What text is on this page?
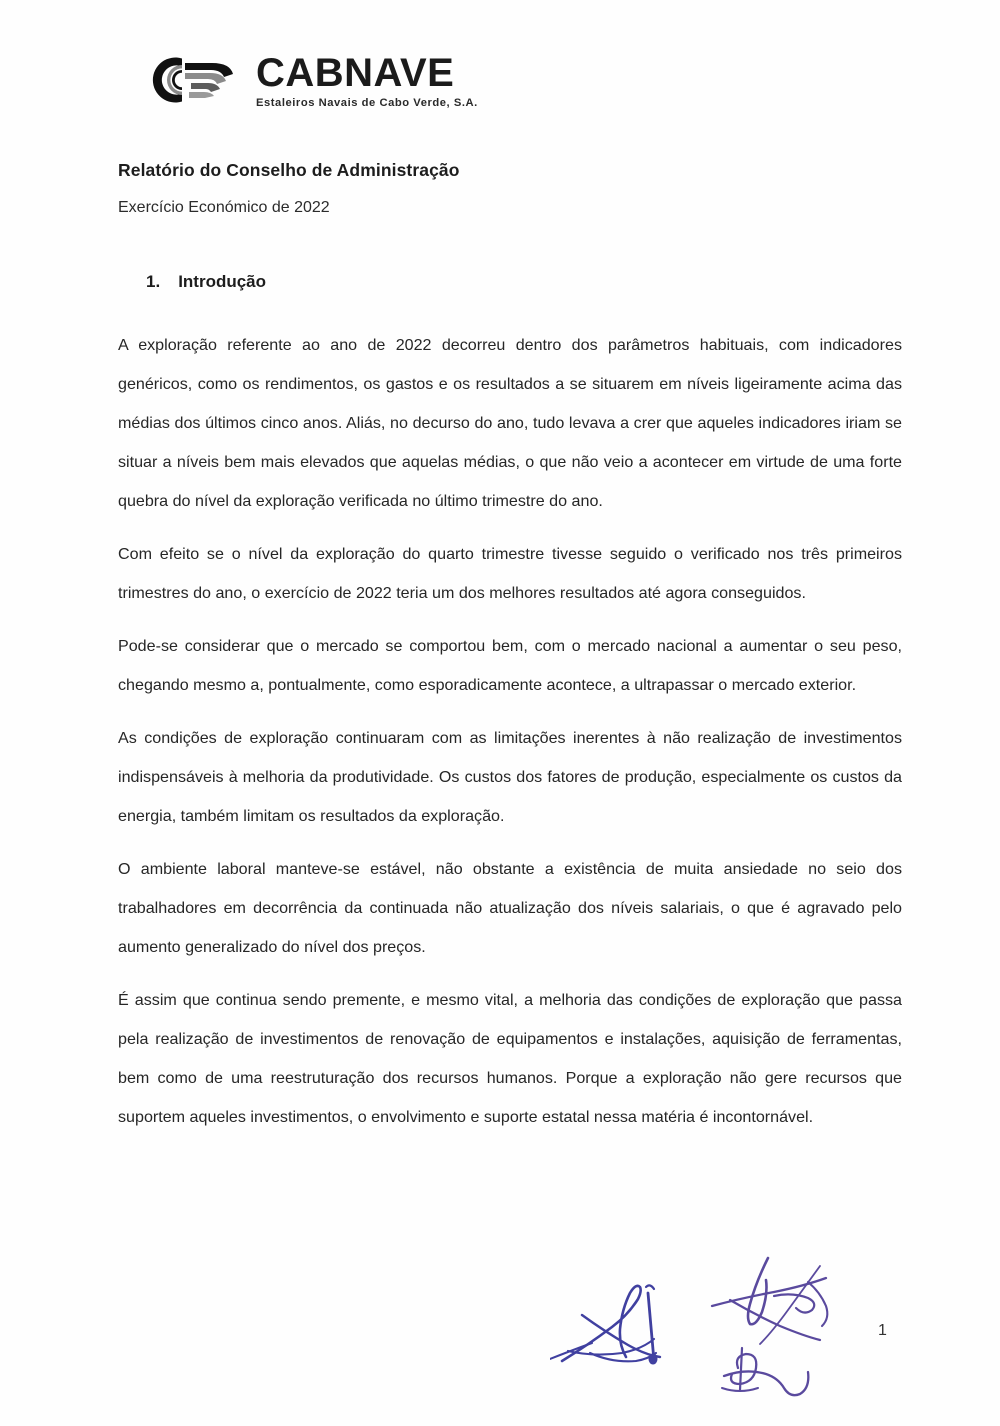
CABNAVE
Estaleiros Navais de Cabo Verde, S.A.
Relatório do Conselho de Administração
Exercício Económico de 2022
1. Introdução

A exploração referente ao ano de 2022 decorreu dentro dos parâmetros habituais, com indicadores genéricos, como os rendimentos, os gastos e os resultados a se situarem em níveis ligeiramente acima das médias dos últimos cinco anos. Aliás, no decurso do ano, tudo levava a crer que aqueles indicadores iriam se situar a níveis bem mais elevados que aquelas médias, o que não veio a acontecer em virtude de uma forte quebra do nível da exploração verificada no último trimestre do ano.

Com efeito se o nível da exploração do quarto trimestre tivesse seguido o verificado nos três primeiros trimestres do ano, o exercício de 2022 teria um dos melhores resultados até agora conseguidos.

Pode-se considerar que o mercado se comportou bem, com o mercado nacional a aumentar o seu peso, chegando mesmo a, pontualmente, como esporadicamente acontece, a ultrapassar o mercado exterior.

As condições de exploração continuaram com as limitações inerentes à não realização de investimentos indispensáveis à melhoria da produtividade. Os custos dos fatores de produção, especialmente os custos da energia, também limitam os resultados da exploração.

O ambiente laboral manteve-se estável, não obstante a existência de muita ansiedade no seio dos trabalhadores em decorrência da continuada não atualização dos níveis salariais, o que é agravado pelo aumento generalizado do nível dos preços.

É assim que continua sendo premente, e mesmo vital, a melhoria das condições de exploração que passa pela realização de investimentos de renovação de equipamentos e instalações, aquisição de ferramentas, bem como de uma reestruturação dos recursos humanos. Porque a exploração não gere recursos que suportem aqueles investimentos, o envolvimento e suporte estatal nessa matéria é incontornável.

1
